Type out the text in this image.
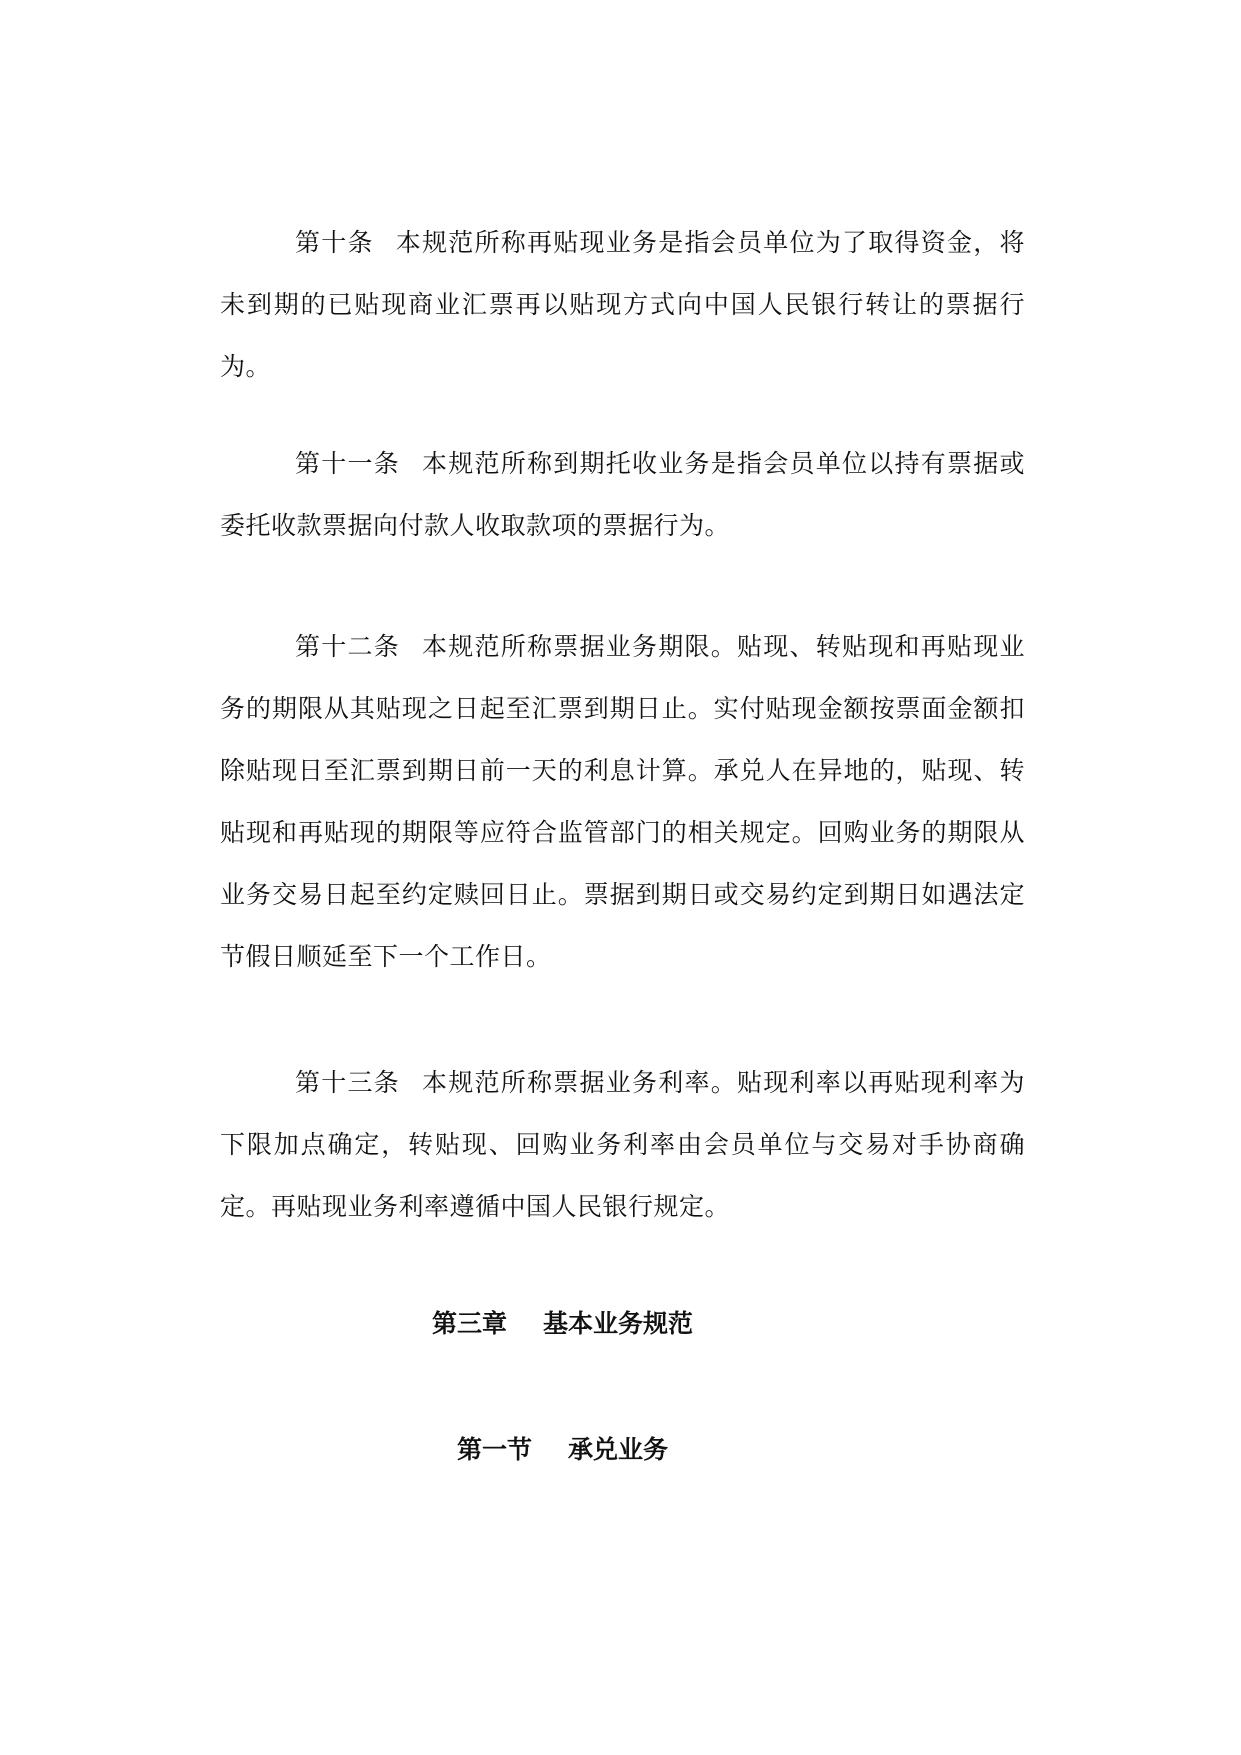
第十条 本规范所称再贴现业务是指会员单位为了取得资金，将未到期的已贴现商业汇票再以贴现方式向中国人民银行转让的票据行为。

第十一条 本规范所称到期托收业务是指会员单位以持有票据或委托收款票据向付款人收取款项的票据行为。

第十二条 本规范所称票据业务期限。贴现、转贴现和再贴现业务的期限从其贴现之日起至汇票到期日止。实付贴现金额按票面金额扣除贴现日至汇票到期日前一天的利息计算。承兑人在异地的，贴现、转贴现和再贴现的期限等应符合监管部门的相关规定。回购业务的期限从业务交易日起至约定赎回日止。票据到期日或交易约定到期日如遇法定节假日顺延至下一个工作日。

第十三条 本规范所称票据业务利率。贴现利率以再贴现利率为下限加点确定，转贴现、回购业务利率由会员单位与交易对手协商确定。再贴现业务利率遵循中国人民银行规定。

第三章 基本业务规范
第一节 承兑业务
